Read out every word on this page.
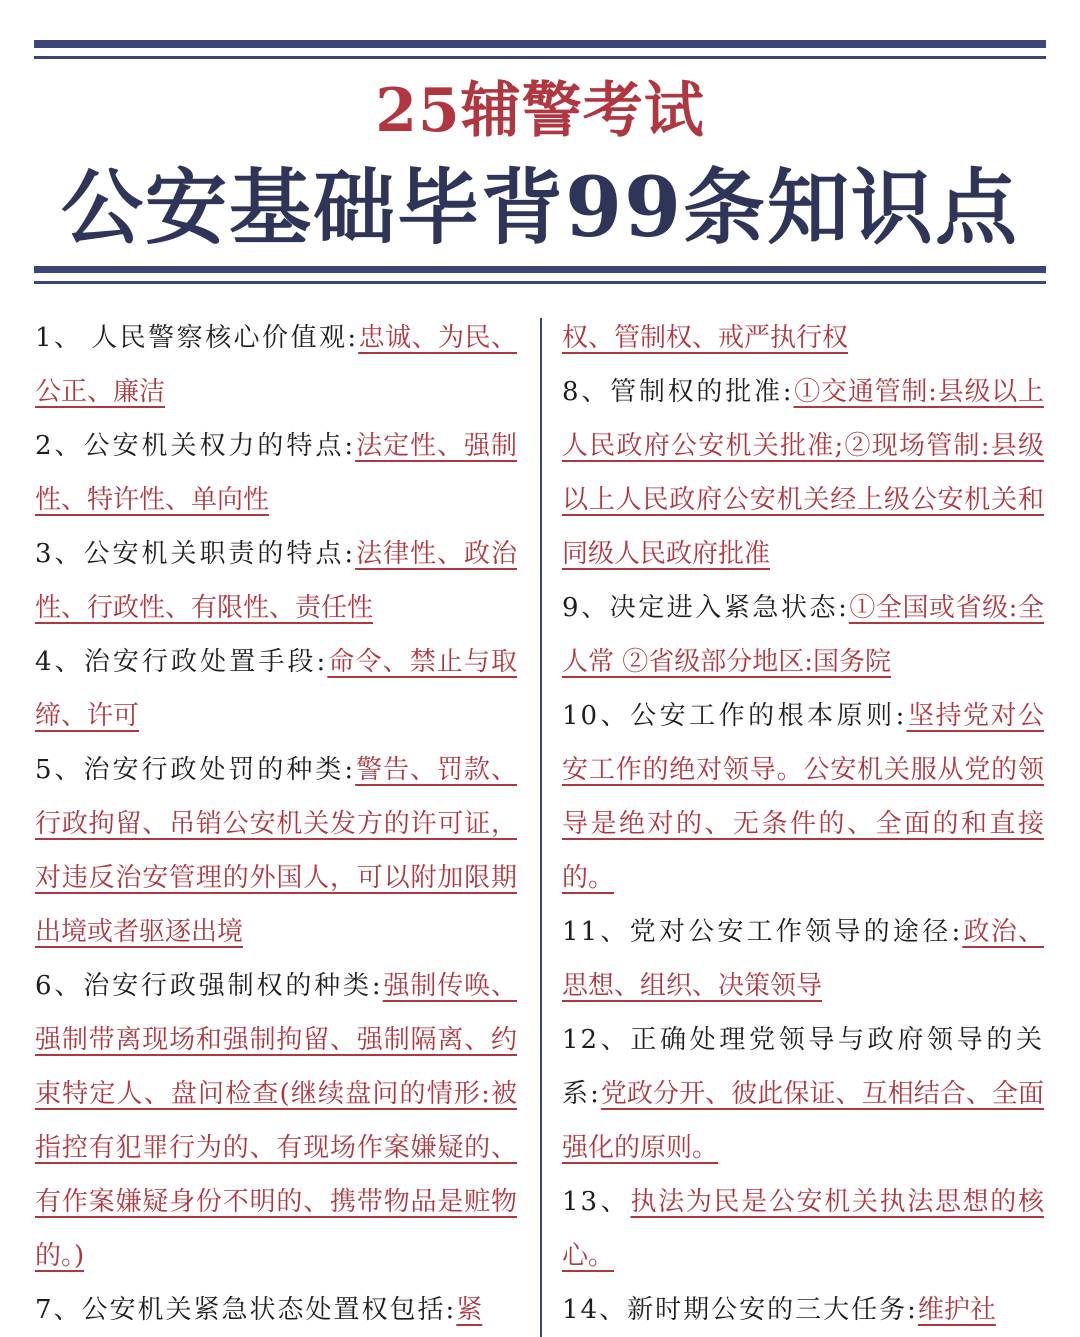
25辅警考试
公安基础毕背99条知识点

1、 人民警察核心价值观:忠诚、为民、公正、廉洁

2、公安机关权力的特点:法定性、强制性、特许性、单向性

3、公安机关职责的特点:法律性、政治性、行政性、有限性、责任性

4、治安行政处置手段:命令、禁止与取缔、许可

5、治安行政处罚的种类:警告、罚款、行政拘留、吊销公安机关发方的许可证，对违反治安管理的外国人，可以附加限期出境或者驱逐出境

6、治安行政强制权的种类:强制传唤、强制带离现场和强制拘留、强制隔离、约束特定人、盘问检查(继续盘问的情形:被指控有犯罪行为的、有现场作案嫌疑的、有作案嫌疑身份不明的、携带物品是赃物的。)

7、公安机关紧急状态处置权包括:紧

权、管制权、戒严执行权

8、管制权的批准:①交通管制:县级以上人民政府公安机关批准;②现场管制:县级以上人民政府公安机关经上级公安机关和同级人民政府批准

9、决定进入紧急状态:①全国或省级:全人常 ②省级部分地区:国务院

10、公安工作的根本原则:坚持党对公安工作的绝对领导。公安机关服从党的领导是绝对的、无条件的、全面的和直接的。

11、党对公安工作领导的途径:政治、思想、组织、决策领导

12、正确处理党领导与政府领导的关系:党政分开、彼此保证、互相结合、全面强化的原则。

13、执法为民是公安机关执法思想的核心。

14、新时期公安的三大任务:维护社
